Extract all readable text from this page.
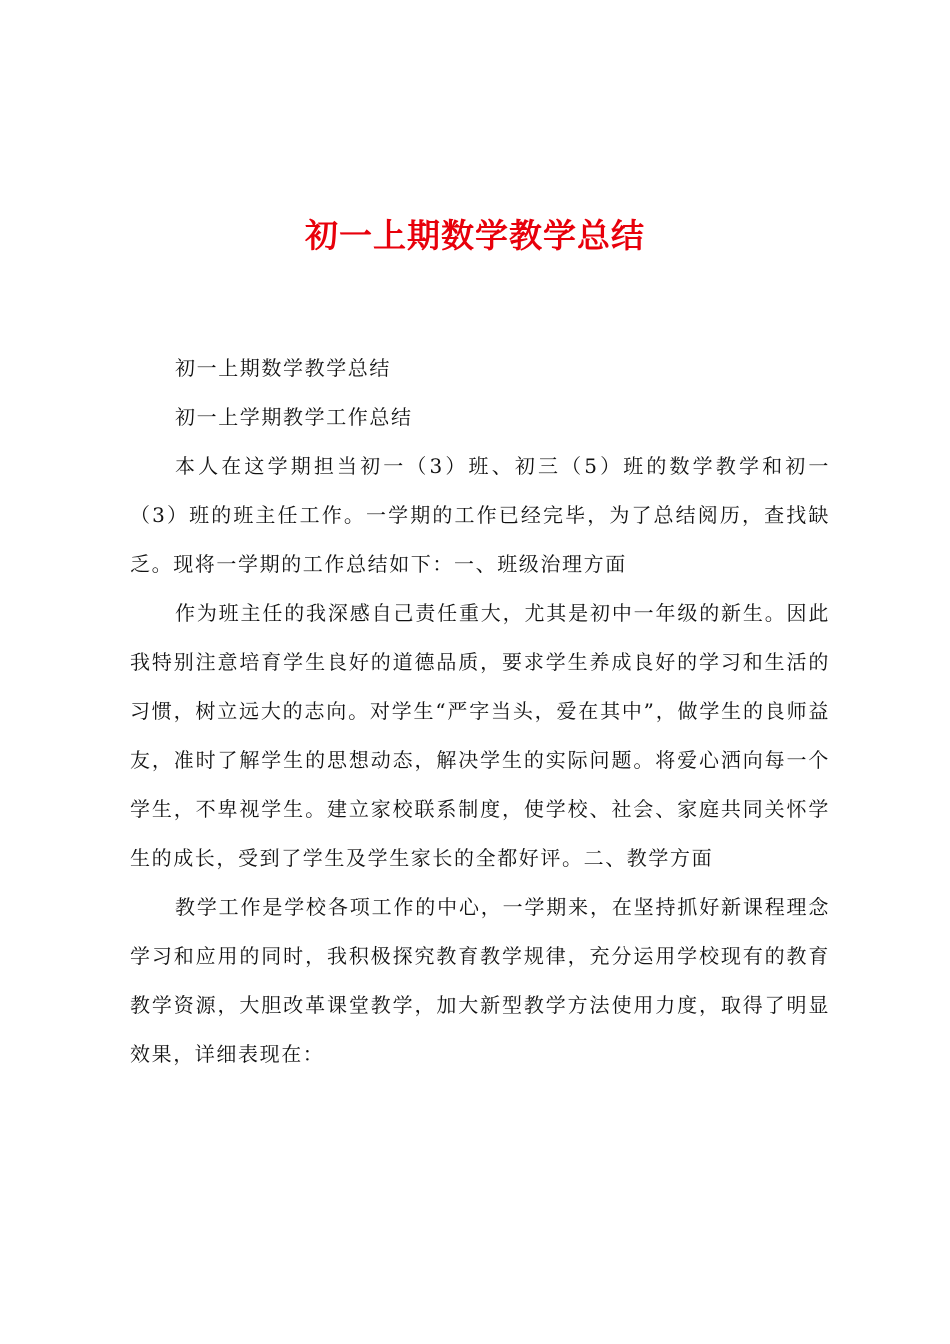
初一上期数学教学总结

初一上期数学教学总结

初一上学期教学工作总结

本人在这学期担当初一（3）班、初三（5）班的数学教学和初一（3）班的班主任工作。一学期的工作已经完毕，为了总结阅历，查找缺乏。现将一学期的工作总结如下：一、班级治理方面

作为班主任的我深感自己责任重大，尤其是初中一年级的新生。因此我特别注意培育学生良好的道德品质，要求学生养成良好的学习和生活的习惯，树立远大的志向。对学生“严字当头，爱在其中”，做学生的良师益友，准时了解学生的思想动态，解决学生的实际问题。将爱心洒向每一个学生，不卑视学生。建立家校联系制度，使学校、社会、家庭共同关怀学生的成长，受到了学生及学生家长的全都好评。二、教学方面

教学工作是学校各项工作的中心，一学期来，在坚持抓好新课程理念学习和应用的同时，我积极探究教育教学规律，充分运用学校现有的教育教学资源，大胆改革课堂教学，加大新型教学方法使用力度，取得了明显效果，详细表现在：
